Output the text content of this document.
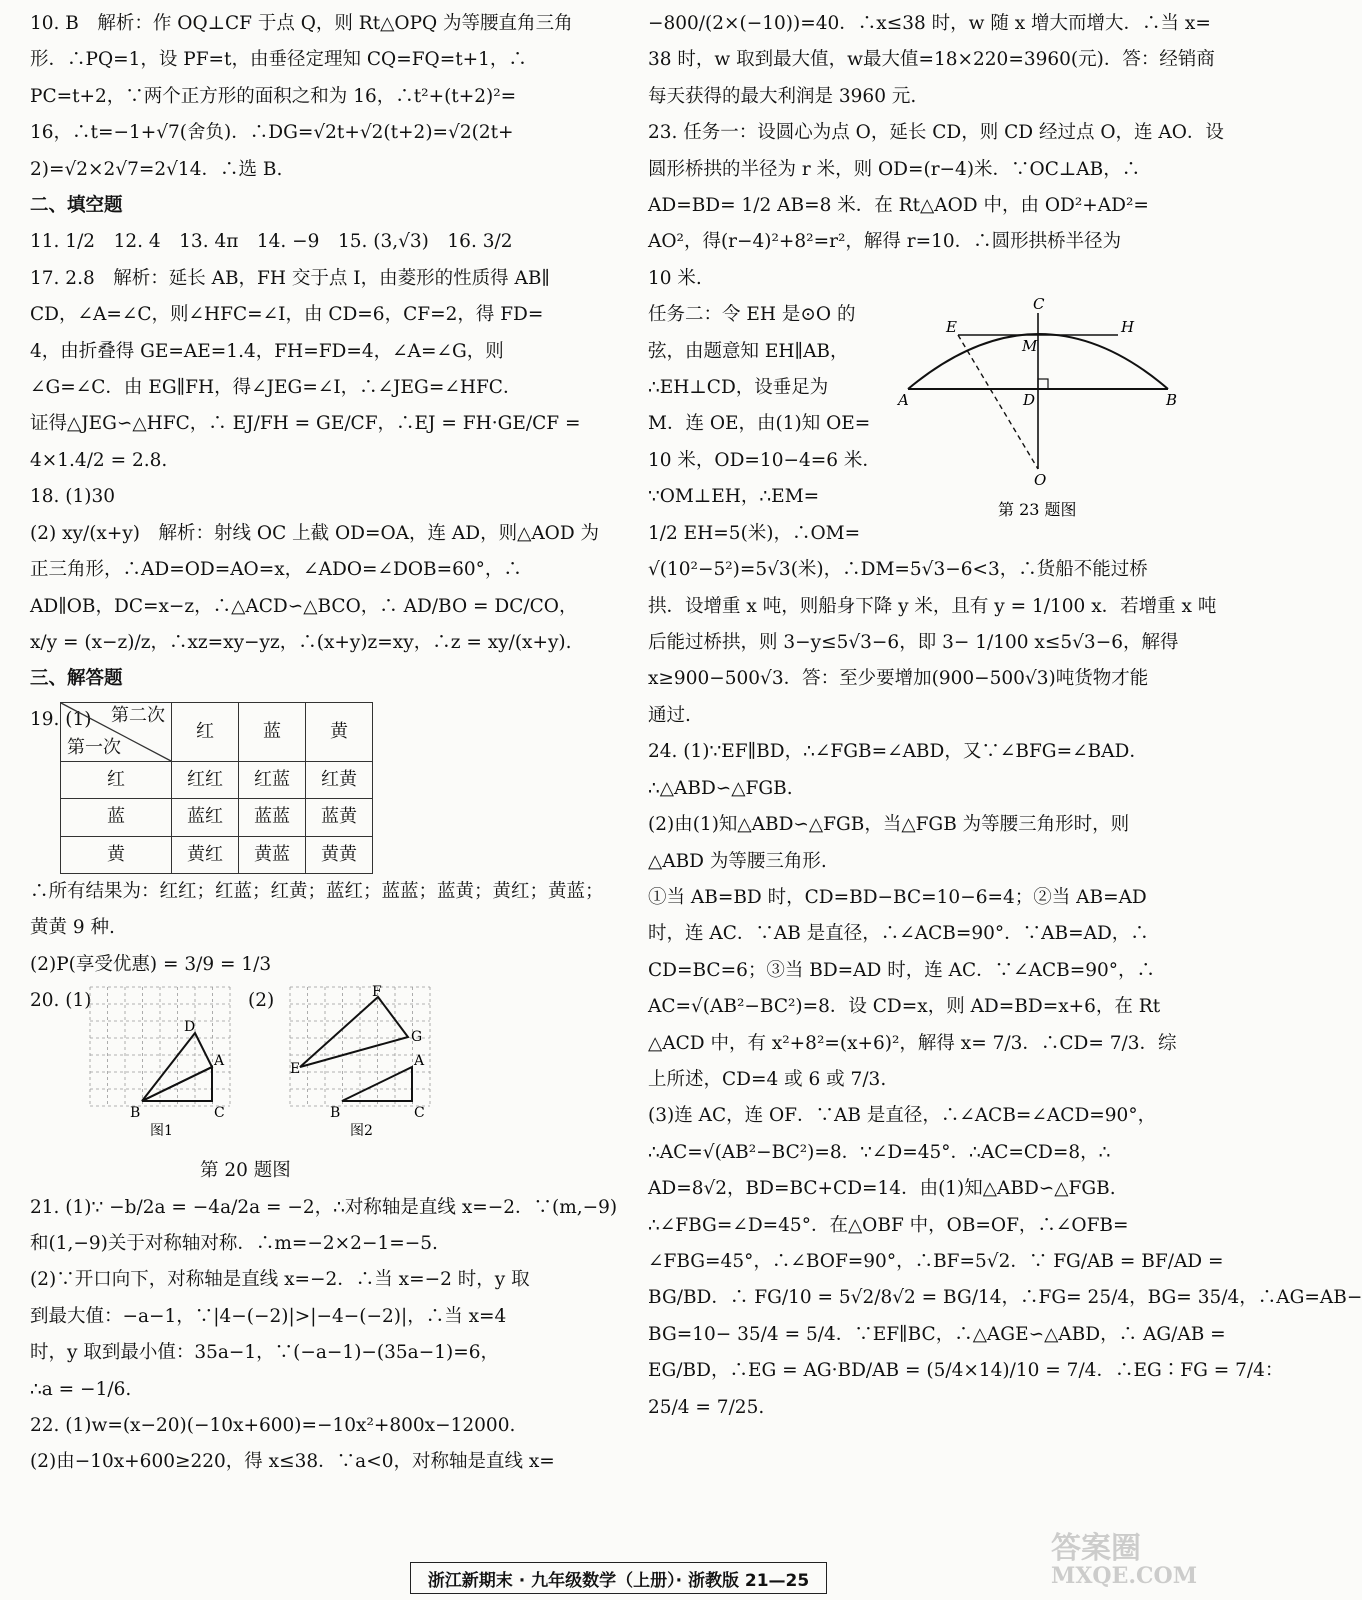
10. B　解析：作 OQ⊥CF 于点 Q，则 Rt△OPQ 为等腰直角三角

形．∴PQ=1，设 PF=t，由垂径定理知 CQ=FQ=t+1，∴

PC=t+2，∵两个正方形的面积之和为 16，∴t²+(t+2)²=

16，∴t=−1+√7(舍负)．∴DG=√2t+√2(t+2)=√2(2t+

2)=√2×2√7=2√14．∴选 B.

二、填空题

11. 1/2　12. 4　13. 4π　14. −9　15. (3,√3)　16. 3/2

17. 2.8　解析：延长 AB，FH 交于点 I，由菱形的性质得 AB∥

CD，∠A=∠C，则∠HFC=∠I，由 CD=6，CF=2，得 FD=

4，由折叠得 GE=AE=1.4，FH=FD=4，∠A=∠G，则

∠G=∠C．由 EG∥FH，得∠JEG=∠I，∴∠JEG=∠HFC．

证得△JEG∽△HFC，∴ EJ/FH = GE/CF，∴EJ = FH·GE/CF =

4×1.4/2 = 2.8.

18. (1)30

(2) xy/(x+y)　解析：射线 OC 上截 OD=OA，连 AD，则△AOD 为

正三角形，∴AD=OD=AO=x，∠ADO=∠DOB=60°，∴

AD∥OB，DC=x−z，∴△ACD∽△BCO，∴ AD/BO = DC/CO，

x/y = (x−z)/z，∴xz=xy−yz，∴(x+y)z=xy，∴z = xy/(x+y).

三、解答题

19. (1) 第二次
第一次	红	蓝	黄
红	红红	红蓝	红黄
蓝	蓝红	蓝蓝	蓝黄
黄	黄红	黄蓝	黄黄

∴所有结果为：红红；红蓝；红黄；蓝红；蓝蓝；蓝黄；黄红；黄蓝；

黄黄 9 种.

(2)P(享受优惠) = 3/9 = 1/3

20. (1)	(2)
D
A
B	C
图1
F
G
E	A
B	C
图2

第 20 题图

21. (1)∵ −b/2a = −4a/2a = −2，∴对称轴是直线 x=−2．∵(m,−9)

和(1,−9)关于对称轴对称．∴m=−2×2−1=−5.

(2)∵开口向下，对称轴是直线 x=−2．∴当 x=−2 时，y 取

到最大值：−a−1，∵|4−(−2)|>|−4−(−2)|，∴当 x=4

时，y 取到最小值：35a−1，∵(−a−1)−(35a−1)=6，

∴a = −1/6.

22. (1)w=(x−20)(−10x+600)=−10x²+800x−12000.

(2)由−10x+600≥220，得 x≤38．∵a<0，对称轴是直线 x=

−800/(2×(−10))=40．∴x≤38 时，w 随 x 增大而增大．∴当 x=

38 时，w 取到最大值，w最大值=18×220=3960(元)．答：经销商

每天获得的最大利润是 3960 元.

23. 任务一：设圆心为点 O，延长 CD，则 CD 经过点 O，连 AO．设

圆形桥拱的半径为 r 米，则 OD=(r−4)米．∵OC⊥AB，∴

AD=BD= 1/2 AB=8 米．在 Rt△AOD 中，由 OD²+AD²=

AO²，得(r−4)²+8²=r²，解得 r=10．∴圆形拱桥半径为

10 米.

任务二：令 EH 是⊙O 的

弦，由题意知 EH∥AB，

∴EH⊥CD，设垂足为

M．连 OE，由(1)知 OE=

10 米，OD=10−4=6 米．

∵OM⊥EH，∴EM=

1/2 EH=5(米)，∴OM=

C
E	H
M
A	D	B
O
第 23 题图

√(10²−5²)=5√3(米)，∴DM=5√3−6<3，∴货船不能过桥

拱．设增重 x 吨，则船身下降 y 米，且有 y = 1/100 x．若增重 x 吨

后能过桥拱，则 3−y≤5√3−6，即 3− 1/100 x≤5√3−6，解得

x≥900−500√3．答：至少要增加(900−500√3)吨货物才能

通过.

24. (1)∵EF∥BD，∴∠FGB=∠ABD，又∵∠BFG=∠BAD．

∴△ABD∽△FGB.

(2)由(1)知△ABD∽△FGB，当△FGB 为等腰三角形时，则

△ABD 为等腰三角形.

①当 AB=BD 时，CD=BD−BC=10−6=4；②当 AB=AD

时，连 AC．∵AB 是直径，∴∠ACB=90°．∵AB=AD，∴

CD=BC=6；③当 BD=AD 时，连 AC．∵∠ACB=90°，∴

AC=√(AB²−BC²)=8．设 CD=x，则 AD=BD=x+6，在 Rt

△ACD 中，有 x²+8²=(x+6)²，解得 x= 7/3．∴CD= 7/3．综

上所述，CD=4 或 6 或 7/3.

(3)连 AC，连 OF．∵AB 是直径，∴∠ACB=∠ACD=90°，

∴AC=√(AB²−BC²)=8．∵∠D=45°．∴AC=CD=8，∴

AD=8√2，BD=BC+CD=14．由(1)知△ABD∽△FGB.

∴∠FBG=∠D=45°．在△OBF 中，OB=OF，∴∠OFB=

∠FBG=45°，∴∠BOF=90°，∴BF=5√2．∵ FG/AB = BF/AD =

BG/BD．∴ FG/10 = 5√2/8√2 = BG/14，∴FG= 25/4，BG= 35/4，∴AG=AB−

BG=10− 35/4 = 5/4．∵EF∥BC，∴△AGE∽△ABD，∴ AG/AB =

EG/BD，∴EG = AG·BD/AB = (5/4×14)/10 = 7/4．∴EG∶FG = 7/4：

25/4 = 7/25.

浙江新期末 · 九年级数学（上册）· 浙教版 21—25
答案圈
MXQE.COM
